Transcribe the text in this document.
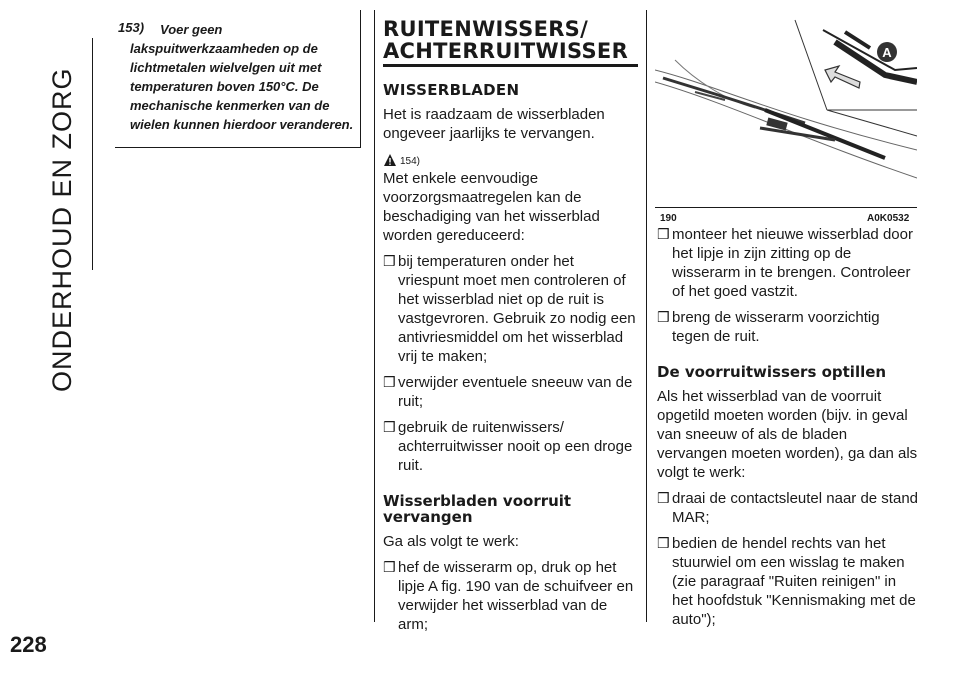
ONDERHOUD EN ZORG
228
153)	Voer geen lakspuitwerkzaamheden op de lichtmetalen wielvelgen uit met temperaturen boven 150°C. De mechanische kenmerken van de wielen kunnen hierdoor veranderen.
RUITENWISSERS/
ACHTERRUITWISSER
WISSERBLADEN

Het is raadzaam de wisserbladen ongeveer jaarlijks te vervangen.

154)

Met enkele eenvoudige voorzorgsmaatregelen kan de beschadiging van het wisserblad worden gereduceerd:

❒ bij temperaturen onder het vriespunt moet men controleren of het wisserblad niet op de ruit is vastgevroren. Gebruik zo nodig een antivriesmiddel om het wisserblad vrij te maken;
❒ verwijder eventuele sneeuw van de ruit;
❒ gebruik de ruitenwissers/ achterruitwisser nooit op een droge ruit.
Wisserbladen voorruit vervangen

Ga als volgt te werk:

❒ hef de wisserarm op, druk op het lipje A fig. 190 van de schuifveer en verwijder het wisserblad van de arm;
A
190	A0K0532
❒ monteer het nieuwe wisserblad door het lipje in zijn zitting op de wisserarm in te brengen. Controleer of het goed vastzit.
❒ breng de wisserarm voorzichtig tegen de ruit.
De voorruitwissers optillen

Als het wisserblad van de voorruit opgetild moeten worden (bijv. in geval van sneeuw of als de bladen vervangen moeten worden), ga dan als volgt te werk:

❒ draai de contactsleutel naar de stand MAR;
❒ bedien de hendel rechts van het stuurwiel om een wisslag te maken (zie paragraaf "Ruiten reinigen" in het hoofdstuk "Kennismaking met de auto");
